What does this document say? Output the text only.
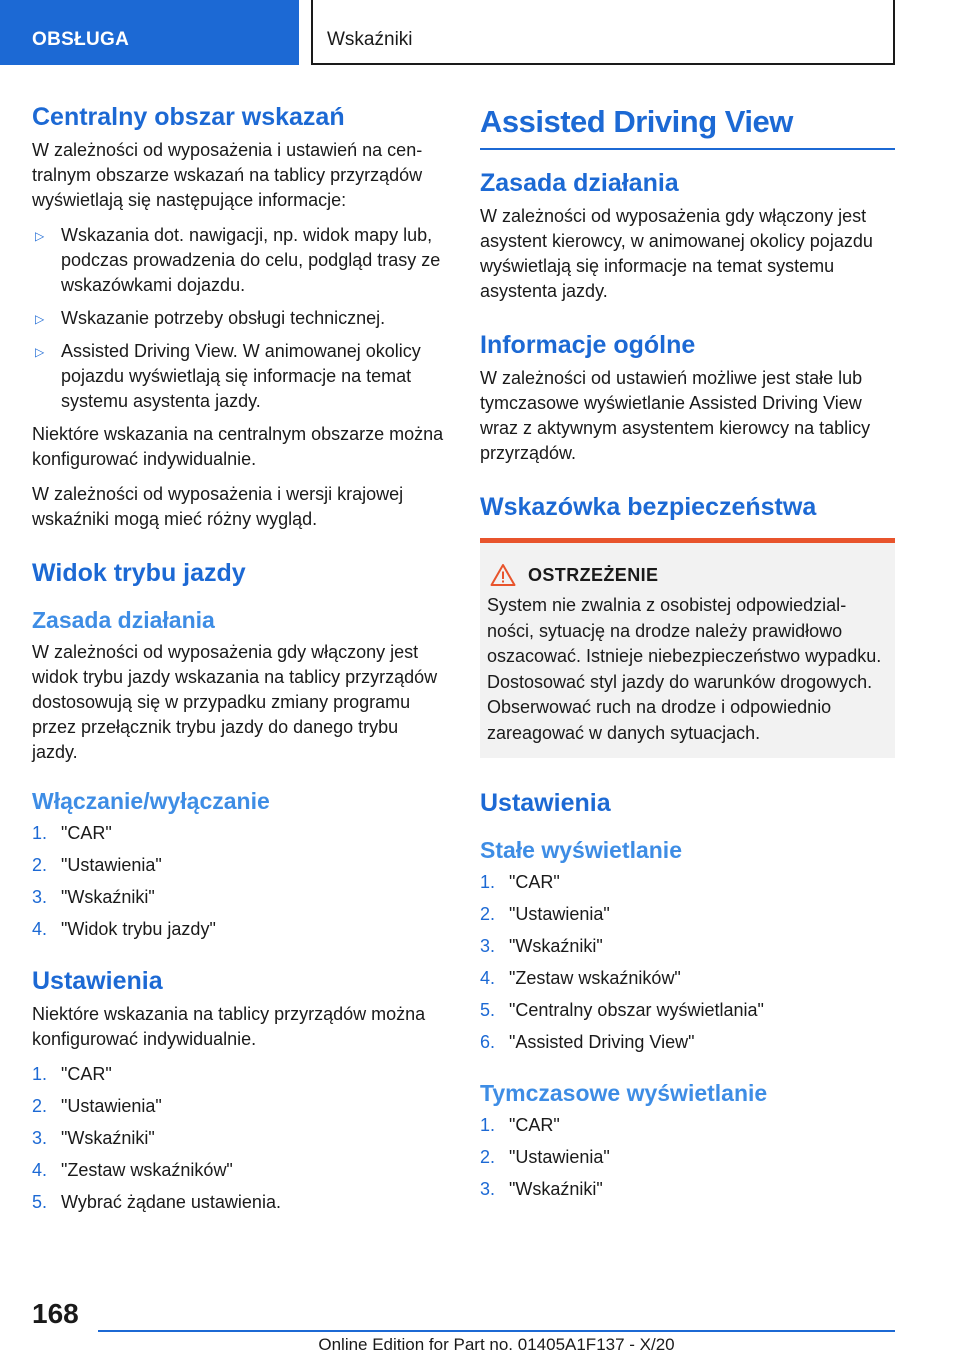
OBSŁUGA	Wskaźniki
Centralny obszar wskazań

W zależności od wyposażenia i ustawień na centralnym obszarze wskazań na tablicy przyrządów wyświetlają się następujące informacje:

▷ Wskazania dot. nawigacji, np. widok mapy lub, podczas prowadzenia do celu, podgląd trasy ze wskazówkami dojazdu.
▷ Wskazanie potrzeby obsługi technicznej.
▷ Assisted Driving View. W animowanej okolicy pojazdu wyświetlają się informacje na temat systemu asystenta jazdy.

Niektóre wskazania na centralnym obszarze można konfigurować indywidualnie.

W zależności od wyposażenia i wersji krajowej wskaźniki mogą mieć różny wygląd.

Widok trybu jazdy
Zasada działania

W zależności od wyposażenia gdy włączony jest widok trybu jazdy wskazania na tablicy przyrządów dostosowują się w przypadku zmiany programu przez przełącznik trybu jazdy do danego trybu jazdy.

Włączanie/wyłączanie
1. "CAR"
2. "Ustawienia"
3. "Wskaźniki"
4. "Widok trybu jazdy"
Ustawienia

Niektóre wskazania na tablicy przyrządów można konfigurować indywidualnie.

1. "CAR"
2. "Ustawienia"
3. "Wskaźniki"
4. "Zestaw wskaźników"
5. Wybrać żądane ustawienia.
Assisted Driving View
Zasada działania

W zależności od wyposażenia gdy włączony jest asystent kierowcy, w animowanej okolicy pojazdu wyświetlają się informacje na temat systemu asystenta jazdy.

Informacje ogólne

W zależności od ustawień możliwe jest stałe lub tymczasowe wyświetlanie Assisted Driving View wraz z aktywnym asystentem kierowcy na tablicy przyrządów.

Wskazówka bezpieczeństwa
OSTRZEŻENIE

System nie zwalnia z osobistej odpowiedzialności, sytuację na drodze należy prawidłowo oszacować. Istnieje niebezpieczeństwo wypadku. Dostosować styl jazdy do warunków drogowych. Obserwować ruch na drodze i odpowiednio zareagować w danych sytuacjach.

Ustawienia
Stałe wyświetlanie
1. "CAR"
2. "Ustawienia"
3. "Wskaźniki"
4. "Zestaw wskaźników"
5. "Centralny obszar wyświetlania"
6. "Assisted Driving View"
Tymczasowe wyświetlanie
1. "CAR"
2. "Ustawienia"
3. "Wskaźniki"
168
Online Edition for Part no. 01405A1F137 - X/20
